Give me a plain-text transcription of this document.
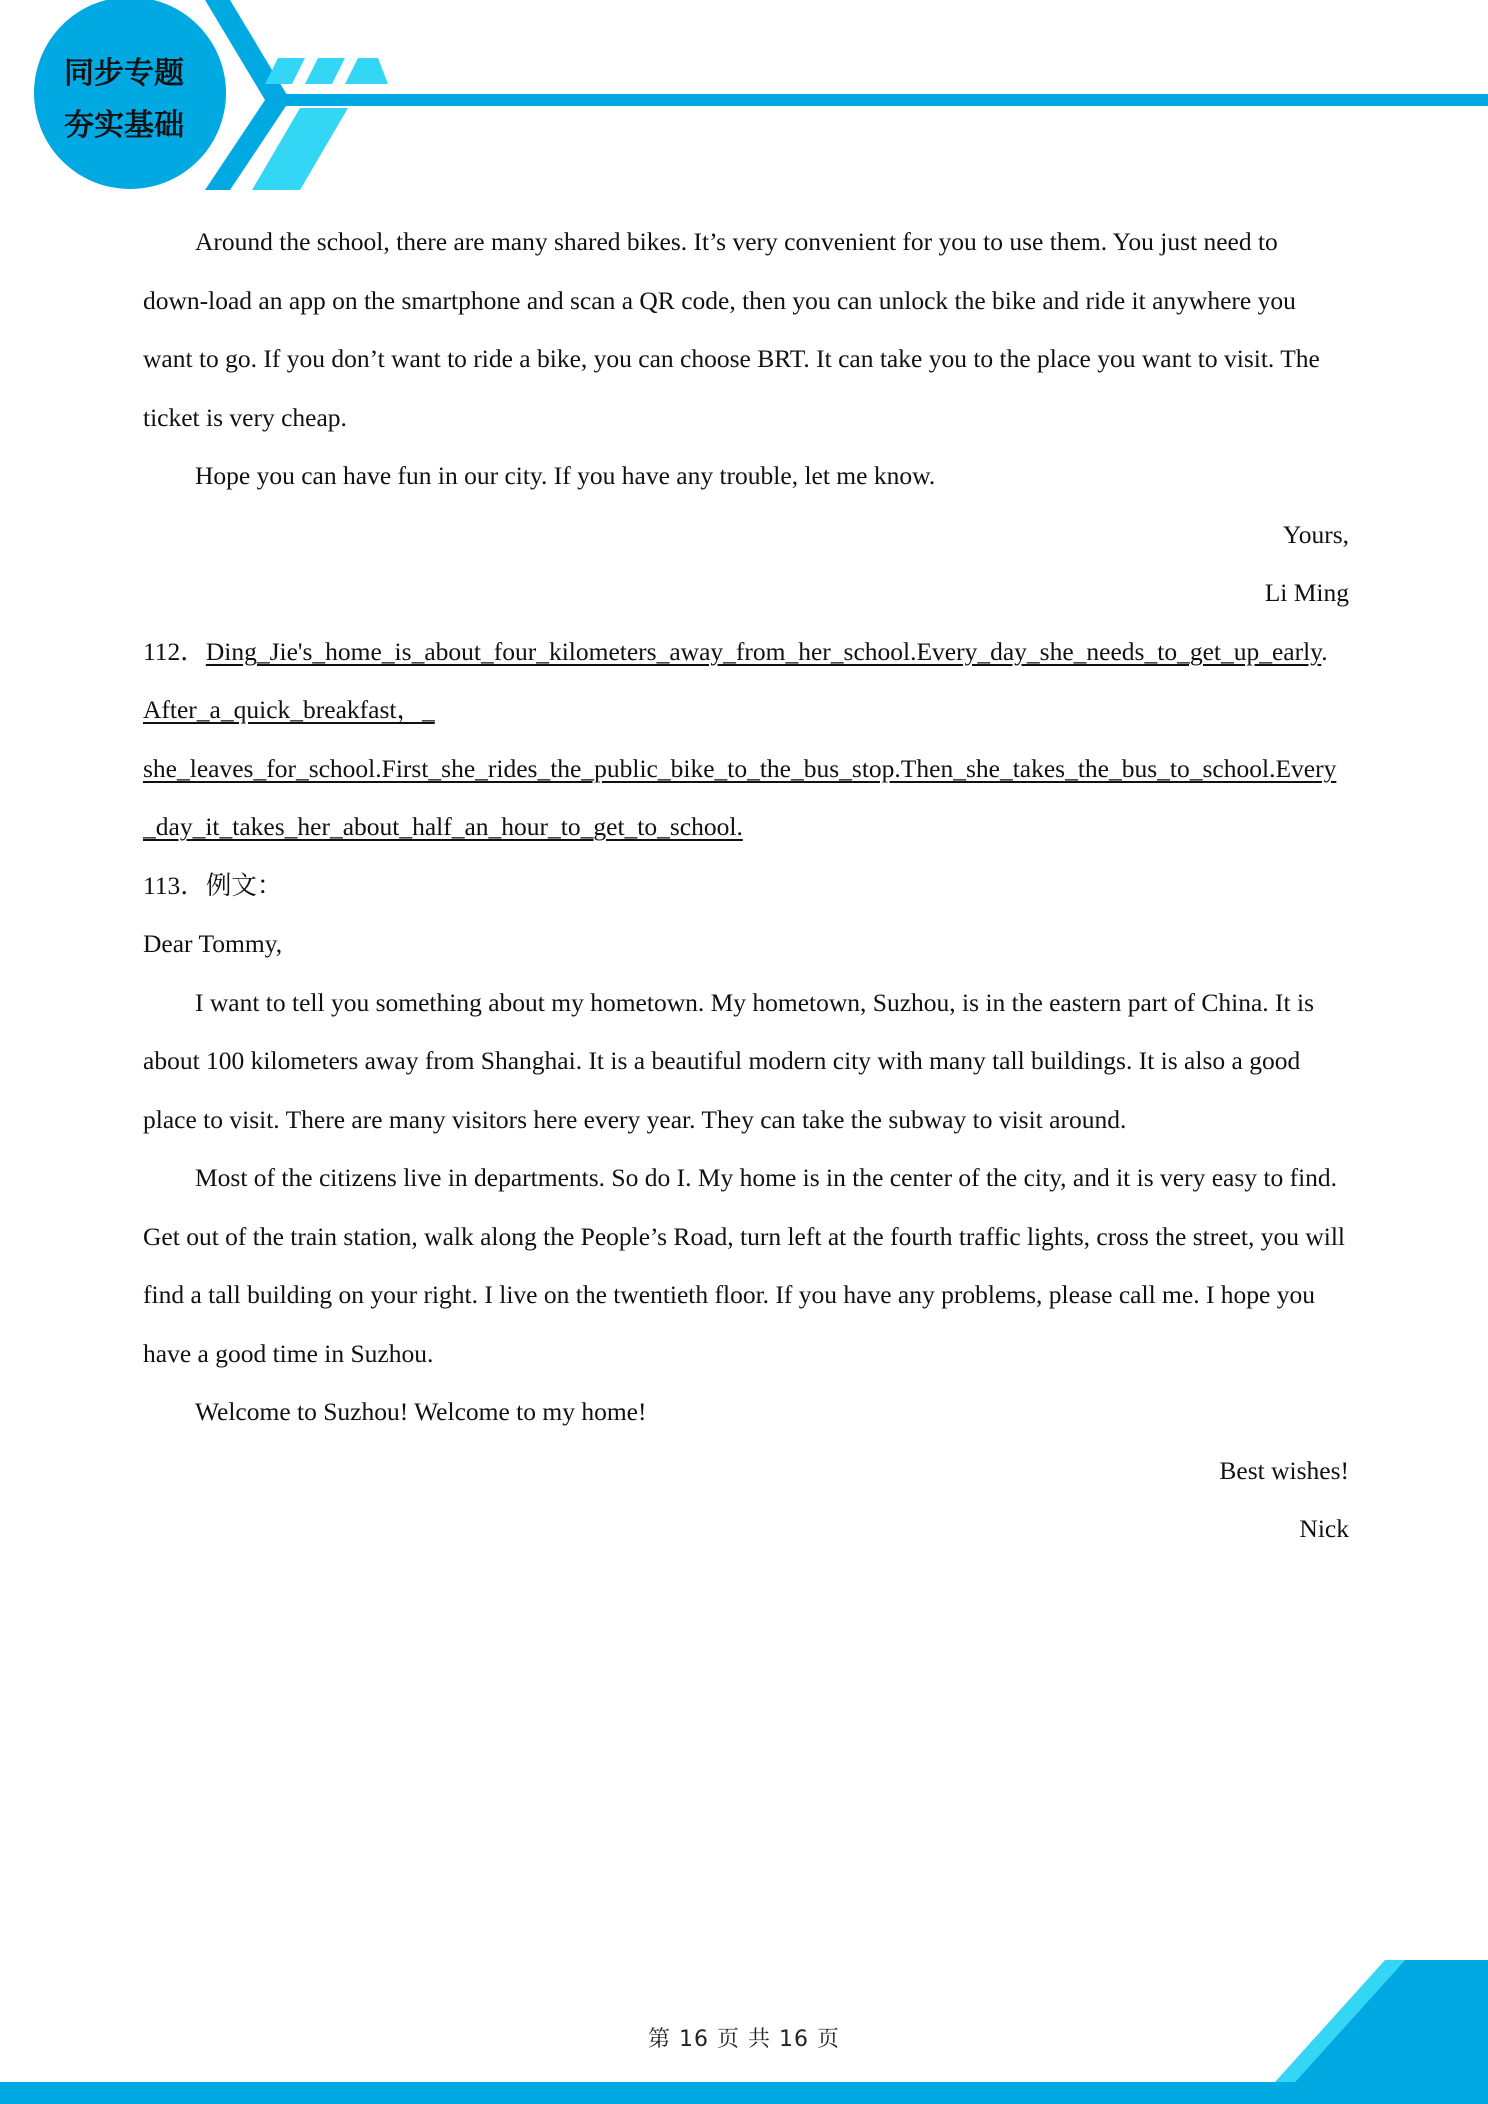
同步专题
夯实基础

Around the school, there are many shared bikes. It’s very convenient for you to use them. You just need to down-load an app on the smartphone and scan a QR code, then you can unlock the bike and ride it anywhere you want to go. If you don’t want to ride a bike, you can choose BRT. It can take you to the place you want to visit. The ticket is very cheap.

Hope you can have fun in our city. If you have any trouble, let me know.

Yours,

Li Ming

112．Ding_Jie's_home_is_about_four_kilometers_away_from_her_school.Every_day_she_needs_to_get_up_early.

After_a_quick_breakfast，_

she_leaves_for_school.First_she_rides_the_public_bike_to_the_bus_stop.Then_she_takes_the_bus_to_school.Every_day_it_takes_her_about_half_an_hour_to_get_to_school.

113．例文：

Dear Tommy,

I want to tell you something about my hometown. My hometown, Suzhou, is in the eastern part of China. It is about 100 kilometers away from Shanghai. It is a beautiful modern city with many tall buildings. It is also a good place to visit. There are many visitors here every year. They can take the subway to visit around.

Most of the citizens live in departments. So do I. My home is in the center of the city, and it is very easy to find. Get out of the train station, walk along the People’s Road, turn left at the fourth traffic lights, cross the street, you will find a tall building on your right. I live on the twentieth floor. If you have any problems, please call me. I hope you have a good time in Suzhou.

Welcome to Suzhou! Welcome to my home!

Best wishes!

Nick

第 16 页 共 16 页
